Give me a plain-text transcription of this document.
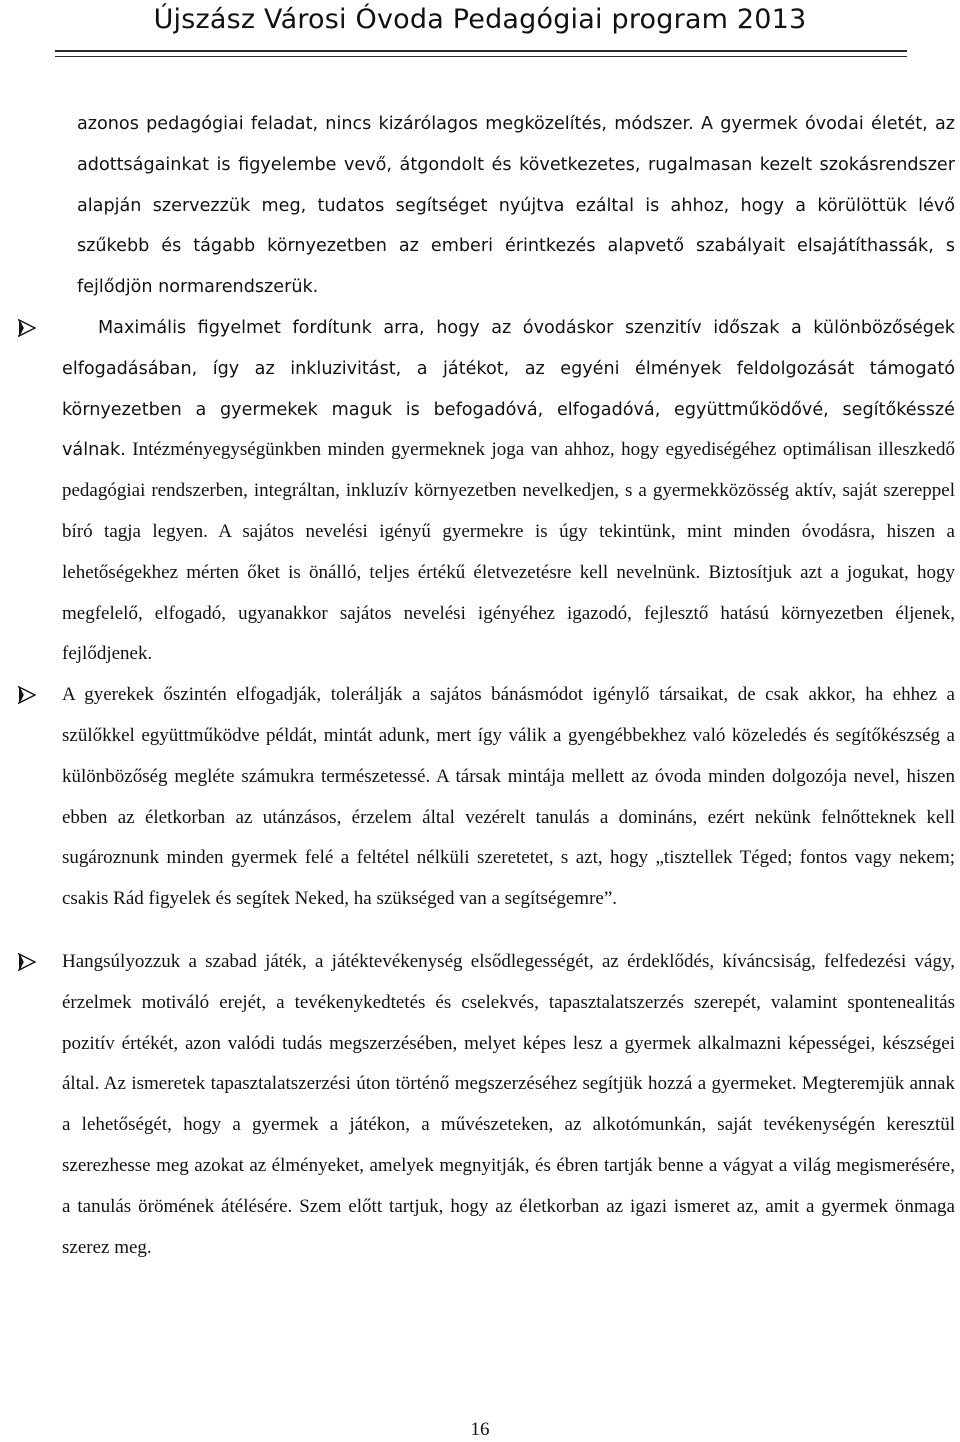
Újszász Városi Óvoda Pedagógiai program 2013

azonos pedagógiai feladat, nincs kizárólagos megközelítés, módszer. A gyermek óvodai életét, az adottságainkat is figyelembe vevő, átgondolt és következetes, rugalmasan kezelt szokásrendszer alapján szervezzük meg, tudatos segítséget nyújtva ezáltal is ahhoz, hogy a körülöttük lévő szűkebb és tágabb környezetben az emberi érintkezés alapvető szabályait elsajátíthassák, s fejlődjön normarendszerük.

Maximális figyelmet fordítunk arra, hogy az óvodáskor szenzitív időszak a különbözőségek elfogadásában, így az inkluzivitást, a játékot, az egyéni élmények feldolgozását támogató környezetben a gyermekek maguk is befogadóvá, elfogadóvá, együttműködővé, segítőkésszé válnak. Intézményegységünkben minden gyermeknek joga van ahhoz, hogy egyediségéhez optimálisan illeszkedő pedagógiai rendszerben, integráltan, inkluzív környezetben nevelkedjen, s a gyermekközösség aktív, saját szereppel bíró tagja legyen. A sajátos nevelési igényű gyermekre is úgy tekintünk, mint minden óvodásra, hiszen a lehetőségekhez mérten őket is önálló, teljes értékű életvezetésre kell nevelnünk. Biztosítjuk azt a jogukat, hogy megfelelő, elfogadó, ugyanakkor sajátos nevelési igényéhez igazodó, fejlesztő hatású környezetben éljenek, fejlődjenek.

A gyerekek őszintén elfogadják, tolerálják a sajátos bánásmódot igénylő társaikat, de csak akkor, ha ehhez a szülőkkel együttműködve példát, mintát adunk, mert így válik a gyengébbekhez való közeledés és segítőkészség a különbözőség megléte számukra természetessé. A társak mintája mellett az óvoda minden dolgozója nevel, hiszen ebben az életkorban az utánzásos, érzelem által vezérelt tanulás a domináns, ezért nekünk felnőtteknek kell sugároznunk minden gyermek felé a feltétel nélküli szeretetet, s azt, hogy „tisztellek Téged; fontos vagy nekem; csakis Rád figyelek és segítek Neked, ha szükséged van a segítségemre”.

Hangsúlyozzuk a szabad játék, a játéktevékenység elsődlegességét, az érdeklődés, kíváncsiság, felfedezési vágy, érzelmek motiváló erejét, a tevékenykedtetés és cselekvés, tapasztalatszerzés szerepét, valamint spontenealitás pozitív értékét, azon valódi tudás megszerzésében, melyet képes lesz a gyermek alkalmazni képességei, készségei által. Az ismeretek tapasztalatszerzési úton történő megszerzéséhez segítjük hozzá a gyermeket. Megteremjük annak a lehetőségét, hogy a gyermek a játékon, a művészeteken, az alkotómunkán, saját tevékenységén keresztül szerezhesse meg azokat az élményeket, amelyek megnyitják, és ébren tartják benne a vágyat a világ megismerésére, a tanulás örömének átélésére. Szem előtt tartjuk, hogy az életkorban az igazi ismeret az, amit a gyermek önmaga szerez meg.

16
